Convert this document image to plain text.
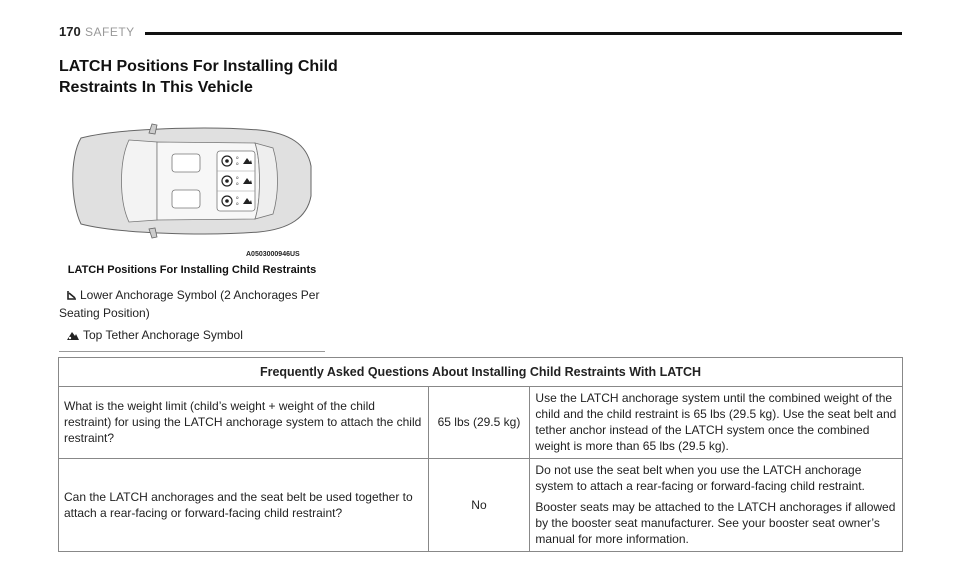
170 SAFETY
LATCH Positions For Installing Child Restraints In This Vehicle
o
o
o
o
o
o
A0503000946US
LATCH Positions For Installing Child Restraints
Lower Anchorage Symbol (2 Anchorages Per Seating Position)
Top Tether Anchorage Symbol
Frequently Asked Questions About Installing Child Restraints With LATCH		
What is the weight limit (child’s weight + weight of the child restraint) for using the LATCH anchorage system to attach the child restraint?	65 lbs (29.5 kg)	Use the LATCH anchorage system until the combined weight of the child and the child restraint is 65 lbs (29.5 kg). Use the seat belt and tether anchor instead of the LATCH system once the combined weight is more than 65 lbs (29.5 kg).

Can the LATCH anchorages and the seat belt be used together to attach a rear-facing or forward-facing child restraint?	No	Do not use the seat belt when you use the LATCH anchorage system to attach a rear-facing or forward-facing child restraint.

Booster seats may be attached to the LATCH anchorages if allowed by the booster seat manufacturer. See your booster seat owner’s manual for more information.
